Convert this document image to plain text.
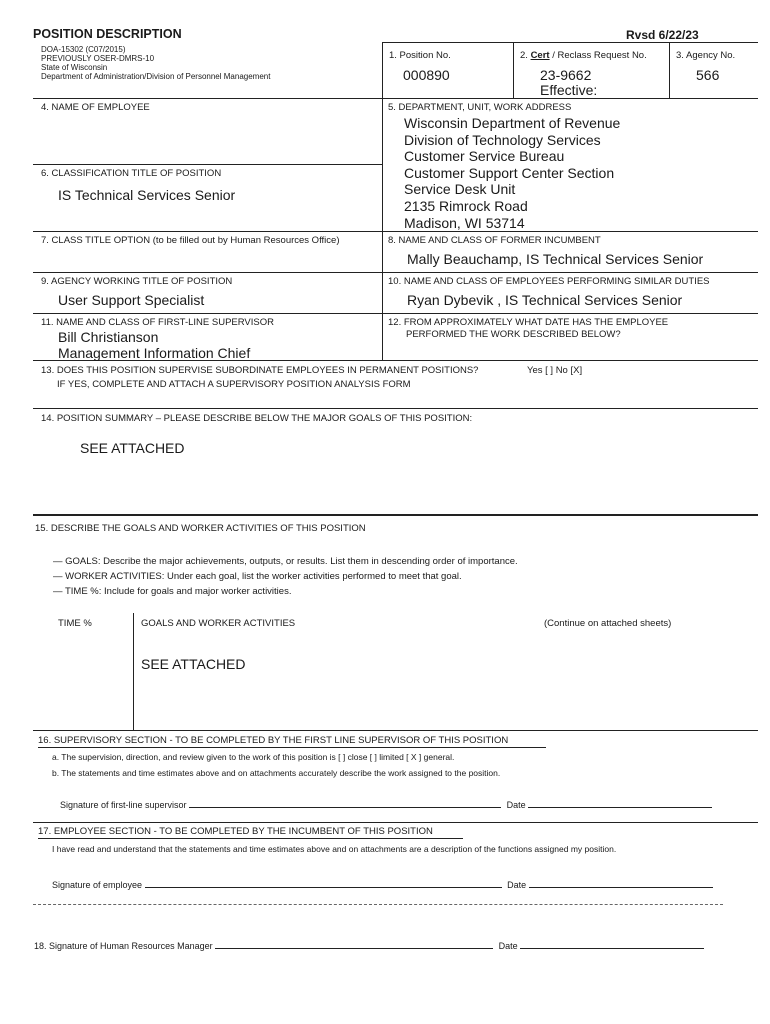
POSITION DESCRIPTION	Rvsd 6/22/23
DOA-15302 (C07/2015)
PREVIOUSLY OSER-DMRS-10
State of Wisconsin
Department of Administration/Division of Personnel Management
1. Position No.
000890
2. Cert / Reclass Request No.
23-9662
Effective:
3. Agency No.
566
4. NAME OF EMPLOYEE	5. DEPARTMENT, UNIT, WORK ADDRESS
Wisconsin Department of Revenue
Division of Technology Services
Customer Service Bureau
Customer Support Center Section
Service Desk Unit
2135 Rimrock Road
Madison, WI 53714
6. CLASSIFICATION TITLE OF POSITION
IS Technical Services Senior
7. CLASS TITLE OPTION (to be filled out by Human Resources Office)	8. NAME AND CLASS OF FORMER INCUMBENT
Mally Beauchamp, IS Technical Services Senior
9. AGENCY WORKING TITLE OF POSITION
User Support Specialist
10. NAME AND CLASS OF EMPLOYEES PERFORMING SIMILAR DUTIES
Ryan Dybevik , IS Technical Services Senior
11. NAME AND CLASS OF FIRST-LINE SUPERVISOR
Bill Christianson
Management Information Chief
12. FROM APPROXIMATELY WHAT DATE HAS THE EMPLOYEE
PERFORMED THE WORK DESCRIBED BELOW?
13. DOES THIS POSITION SUPERVISE SUBORDINATE EMPLOYEES IN PERMANENT POSITIONS?	Yes [ ] No [X]
IF YES, COMPLETE AND ATTACH A SUPERVISORY POSITION ANALYSIS FORM
14. POSITION SUMMARY – PLEASE DESCRIBE BELOW THE MAJOR GOALS OF THIS POSITION:
SEE ATTACHED
15. DESCRIBE THE GOALS AND WORKER ACTIVITIES OF THIS POSITION
— GOALS: Describe the major achievements, outputs, or results. List them in descending order of importance.
— WORKER ACTIVITIES: Under each goal, list the worker activities performed to meet that goal.
— TIME %: Include for goals and major worker activities.
TIME %	GOALS AND WORKER ACTIVITIES	(Continue on attached sheets)
SEE ATTACHED
16. SUPERVISORY SECTION - TO BE COMPLETED BY THE FIRST LINE SUPERVISOR OF THIS POSITION
a. The supervision, direction, and review given to the work of this position is [ ] close [ ] limited [ X ] general.
b. The statements and time estimates above and on attachments accurately describe the work assigned to the position.
Signature of first-line supervisor	Date
17. EMPLOYEE SECTION - TO BE COMPLETED BY THE INCUMBENT OF THIS POSITION
I have read and understand that the statements and time estimates above and on attachments are a description of the functions assigned my position.
Signature of employee	Date
18. Signature of Human Resources Manager	Date
